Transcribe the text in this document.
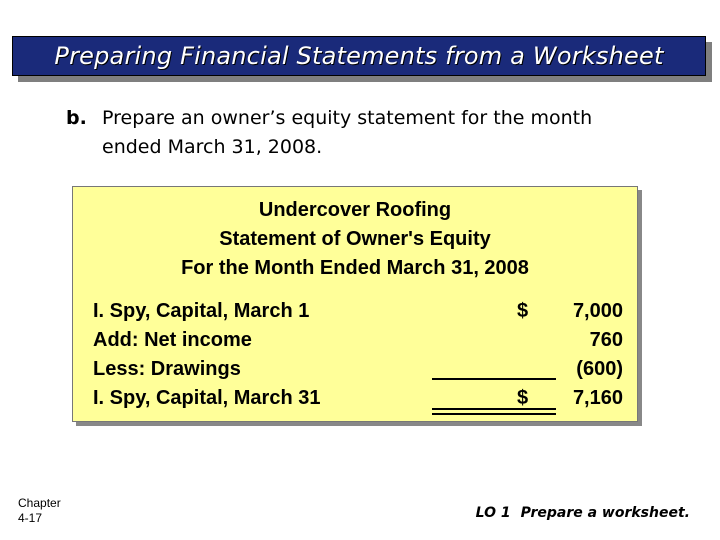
Preparing Financial Statements from a Worksheet
b. Prepare an owner’s equity statement for the month
ended March 31, 2008.
Undercover Roofing
Statement of Owner's Equity
For the Month Ended March 31, 2008
I. Spy, Capital, March 1	$ 7,000
Add: Net income	760
Less: Drawings	(600)
I. Spy, Capital, March 31	$ 7,160
Chapter
4-17	LO 1 Prepare a worksheet.
